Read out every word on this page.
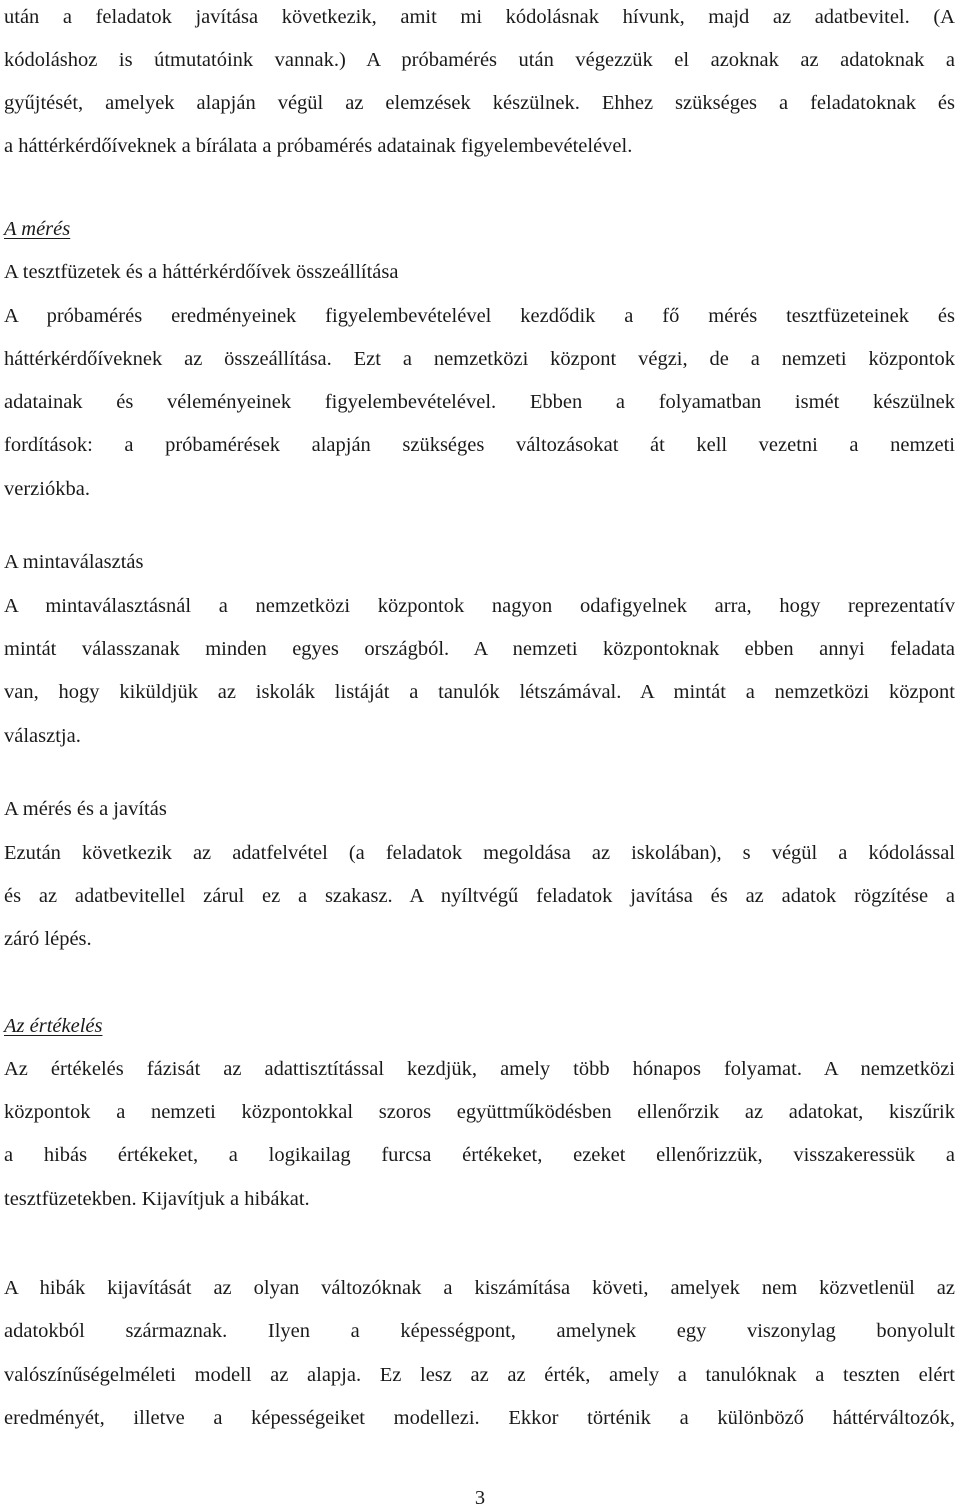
után a feladatok javítása következik, amit mi kódolásnak hívunk, majd az adatbevitel. (A
kódoláshoz is útmutatóink vannak.) A próbamérés után végezzük el azoknak az adatoknak a
gyűjtését, amelyek alapján végül az elemzések készülnek. Ehhez szükséges a feladatoknak és
a háttérkérdőíveknek a bírálata a próbamérés adatainak figyelembevételével.
A mérés
A tesztfüzetek és a háttérkérdőívek összeállítása
A próbamérés eredményeinek figyelembevételével kezdődik a fő mérés tesztfüzeteinek és
háttérkérdőíveknek az összeállítása. Ezt a nemzetközi központ végzi, de a nemzeti központok
adatainak és véleményeinek figyelembevételével. Ebben a folyamatban ismét készülnek
fordítások: a próbamérések alapján szükséges változásokat át kell vezetni a nemzeti
verziókba.
A mintaválasztás
A mintaválasztásnál a nemzetközi központok nagyon odafigyelnek arra, hogy reprezentatív
mintát válasszanak minden egyes országból. A nemzeti központoknak ebben annyi feladata
van, hogy kiküldjük az iskolák listáját a tanulók létszámával. A mintát a nemzetközi központ
választja.
A mérés és a javítás
Ezután következik az adatfelvétel (a feladatok megoldása az iskolában), s végül a kódolással
és az adatbevitellel zárul ez a szakasz. A nyíltvégű feladatok javítása és az adatok rögzítése a
záró lépés.
Az értékelés
Az értékelés fázisát az adattisztítással kezdjük, amely több hónapos folyamat. A nemzetközi
központok a nemzeti központokkal szoros együttműködésben ellenőrzik az adatokat, kiszűrik
a hibás értékeket, a logikailag furcsa értékeket, ezeket ellenőrizzük, visszakeressük a
tesztfüzetekben. Kijavítjuk a hibákat.
A hibák kijavítását az olyan változóknak a kiszámítása követi, amelyek nem közvetlenül az
adatokból származnak. Ilyen a képességpont, amelynek egy viszonylag bonyolult
valószínűségelméleti modell az alapja. Ez lesz az az érték, amely a tanulóknak a teszten elért
eredményét, illetve a képességeiket modellezi. Ekkor történik a különböző háttérváltozók,
3
